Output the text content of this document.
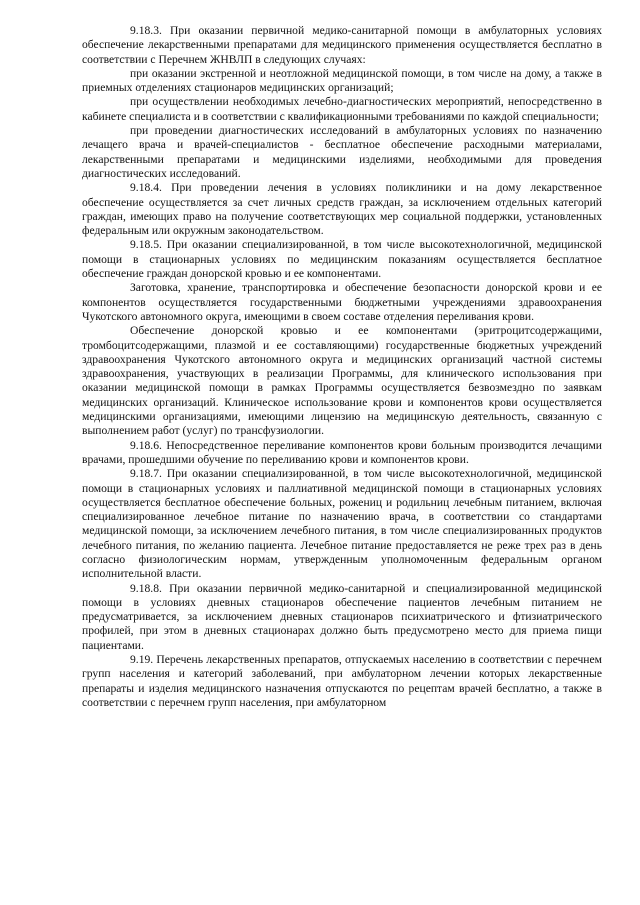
9.18.3. При оказании первичной медико-санитарной помощи в амбулаторных условиях обеспечение лекарственными препаратами для медицинского применения осуществляется бесплатно в соответствии с Перечнем ЖНВЛП в следующих случаях:

при оказании экстренной и неотложной медицинской помощи, в том числе на дому, а также в приемных отделениях стационаров медицинских организаций;

при осуществлении необходимых лечебно-диагностических мероприятий, непосредственно в кабинете специалиста и в соответствии с квалификационными требованиями по каждой специальности;

при проведении диагностических исследований в амбулаторных условиях по назначению лечащего врача и врачей-специалистов - бесплатное обеспечение расходными материалами, лекарственными препаратами и медицинскими изделиями, необходимыми для проведения диагностических исследований.

9.18.4. При проведении лечения в условиях поликлиники и на дому лекарственное обеспечение осуществляется за счет личных средств граждан, за исключением отдельных категорий граждан, имеющих право на получение соответствующих мер социальной поддержки, установленных федеральным или окружным законодательством.

9.18.5. При оказании специализированной, в том числе высокотехнологичной, медицинской помощи в стационарных условиях по медицинским показаниям осуществляется бесплатное обеспечение граждан донорской кровью и ее компонентами.

Заготовка, хранение, транспортировка и обеспечение безопасности донорской крови и ее компонентов осуществляется государственными бюджетными учреждениями здравоохранения Чукотского автономного округа, имеющими в своем составе отделения переливания крови.

Обеспечение донорской кровью и ее компонентами (эритроцитсодержащими, тромбоцитсодержащими, плазмой и ее составляющими) государственные бюджетных учреждений здравоохранения Чукотского автономного округа и медицинских организаций частной системы здравоохранения, участвующих в реализации Программы, для клинического использования при оказании медицинской помощи в рамках Программы осуществляется безвозмездно по заявкам медицинских организаций. Клиническое использование крови и компонентов крови осуществляется медицинскими организациями, имеющими лицензию на медицинскую деятельность, связанную с выполнением работ (услуг) по трансфузиологии.

9.18.6. Непосредственное переливание компонентов крови больным производится лечащими врачами, прошедшими обучение по переливанию крови и компонентов крови.

9.18.7. При оказании специализированной, в том числе высокотехнологичной, медицинской помощи в стационарных условиях и паллиативной медицинской помощи в стационарных условиях осуществляется бесплатное обеспечение больных, рожениц и родильниц лечебным питанием, включая специализированное лечебное питание по назначению врача, в соответствии со стандартами медицинской помощи, за исключением лечебного питания, в том числе специализированных продуктов лечебного питания, по желанию пациента. Лечебное питание предоставляется не реже трех раз в день согласно физиологическим нормам, утвержденным уполномоченным федеральным органом исполнительной власти.

9.18.8. При оказании первичной медико-санитарной и специализированной медицинской помощи в условиях дневных стационаров обеспечение пациентов лечебным питанием не предусматривается, за исключением дневных стационаров психиатрического и фтизиатрического профилей, при этом в дневных стационарах должно быть предусмотрено место для приема пищи пациентами.

9.19. Перечень лекарственных препаратов, отпускаемых населению в соответствии с перечнем групп населения и категорий заболеваний, при амбулаторном лечении которых лекарственные препараты и изделия медицинского назначения отпускаются по рецептам врачей бесплатно, а также в соответствии с перечнем групп населения, при амбулаторном
